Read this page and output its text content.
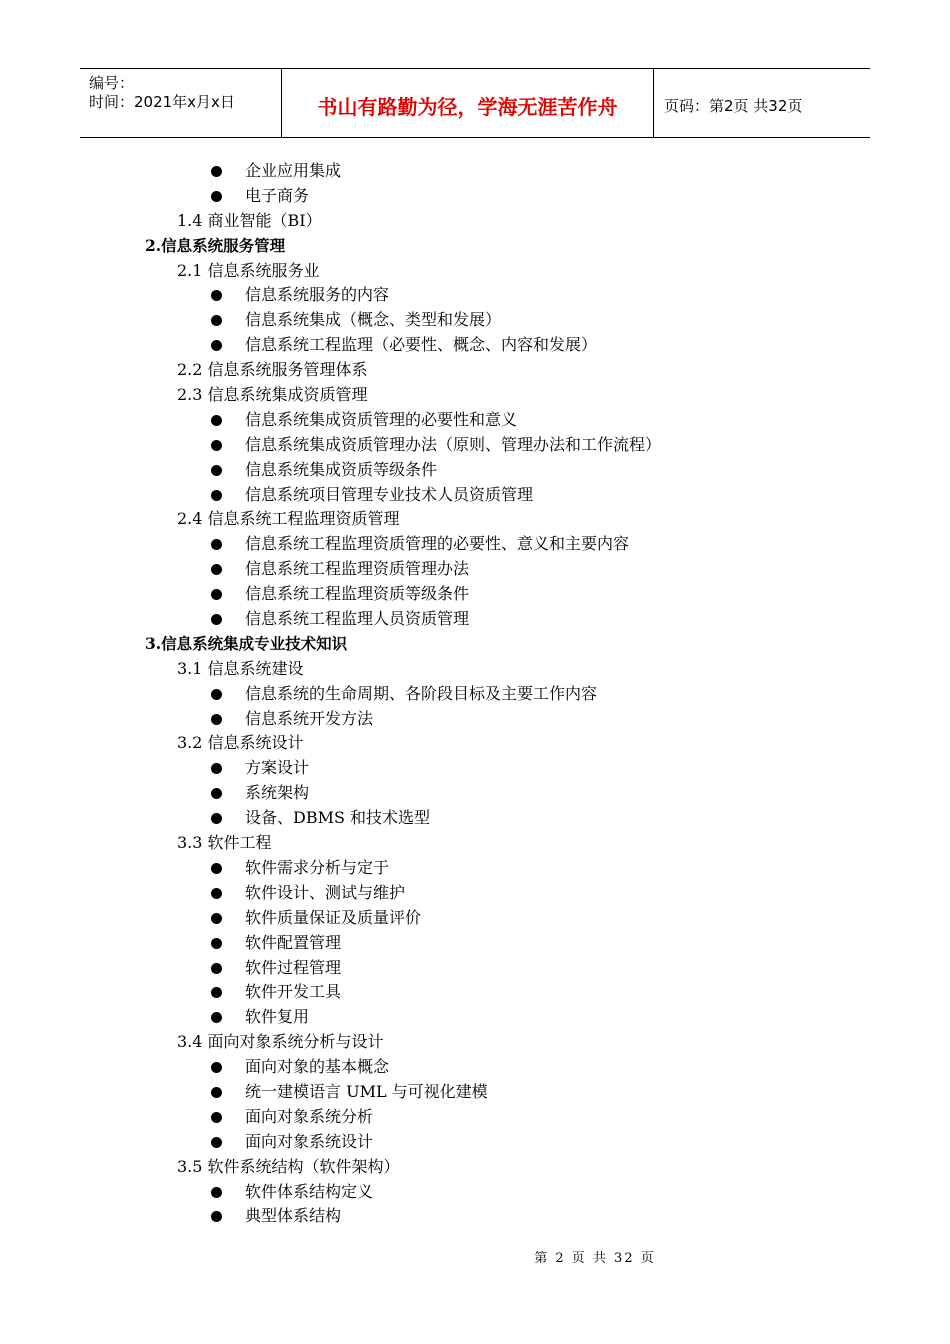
编号：
时间：2021年x月x日	书山有路勤为径，学海无涯苦作舟	页码：第2页 共32页
企业应用集成
电子商务
1.4 商业智能（BI）
2.信息系统服务管理
2.1 信息系统服务业
信息系统服务的内容
信息系统集成（概念、类型和发展）
信息系统工程监理（必要性、概念、内容和发展）
2.2 信息系统服务管理体系
2.3 信息系统集成资质管理
信息系统集成资质管理的必要性和意义
信息系统集成资质管理办法（原则、管理办法和工作流程）
信息系统集成资质等级条件
信息系统项目管理专业技术人员资质管理
2.4 信息系统工程监理资质管理
信息系统工程监理资质管理的必要性、意义和主要内容
信息系统工程监理资质管理办法
信息系统工程监理资质等级条件
信息系统工程监理人员资质管理
3.信息系统集成专业技术知识
3.1 信息系统建设
信息系统的生命周期、各阶段目标及主要工作内容
信息系统开发方法
3.2 信息系统设计
方案设计
系统架构
设备、DBMS 和技术选型
3.3 软件工程
软件需求分析与定于
软件设计、测试与维护
软件质量保证及质量评价
软件配置管理
软件过程管理
软件开发工具
软件复用
3.4 面向对象系统分析与设计
面向对象的基本概念
统一建模语言 UML 与可视化建模
面向对象系统分析
面向对象系统设计
3.5 软件系统结构（软件架构）
软件体系结构定义
典型体系结构
第 2 页 共 32 页
